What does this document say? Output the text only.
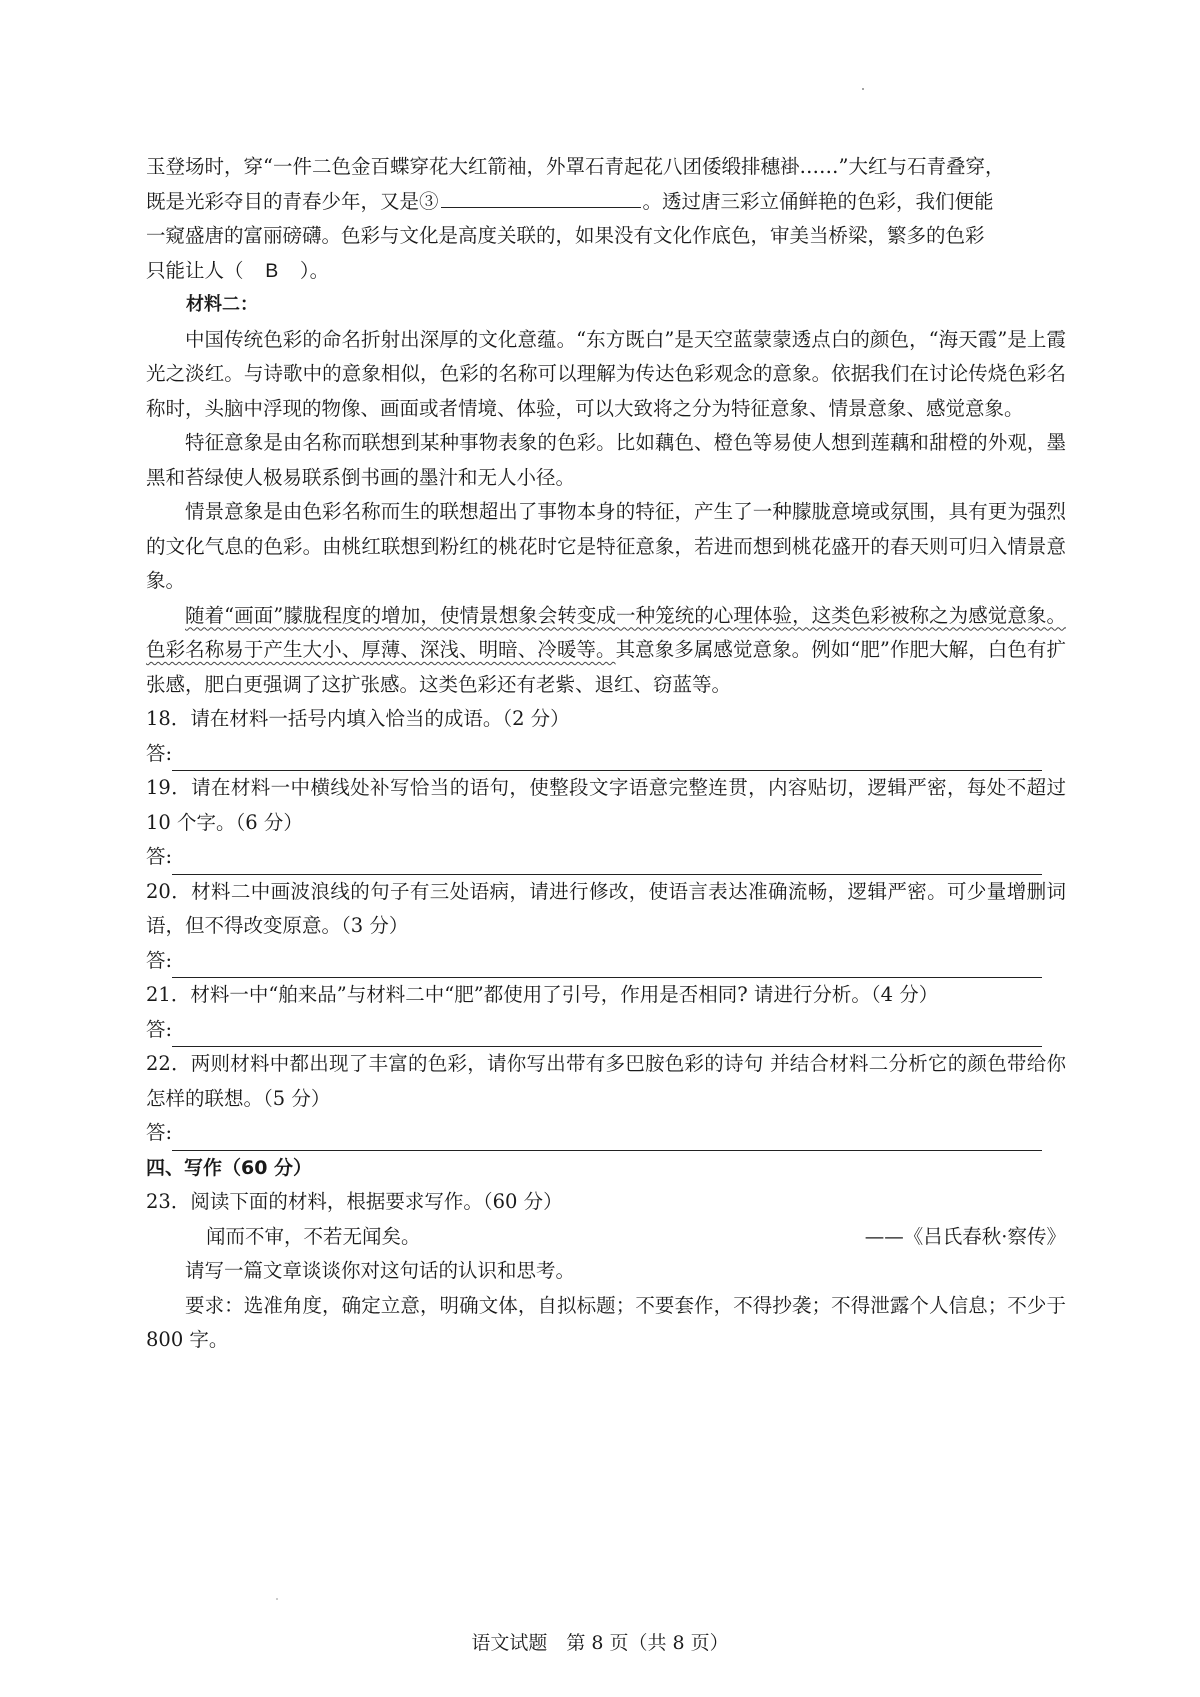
玉登场时，穿“一件二色金百蝶穿花大红箭袖，外罩石青起花八团倭缎排穗褂……”大红与石青叠穿，

既是光彩夺目的青春少年，又是③	。透过唐三彩立俑鲜艳的色彩，我们便能

一窥盛唐的富丽磅礴。色彩与文化是高度关联的，如果没有文化作底色，审美当桥梁，繁多的色彩

只能让人（ B ）。

材料二：

中国传统色彩的命名折射出深厚的文化意蕴。“东方既白”是天空蓝蒙蒙透点白的颜色，“海天霞”是上霞光之淡红。与诗歌中的意象相似，色彩的名称可以理解为传达色彩观念的意象。依据我们在讨论传烧色彩名称时，头脑中浮现的物像、画面或者情境、体验，可以大致将之分为特征意象、情景意象、感觉意象。

特征意象是由名称而联想到某种事物表象的色彩。比如藕色、橙色等易使人想到莲藕和甜橙的外观，墨黑和苔绿使人极易联系倒书画的墨汁和无人小径。

情景意象是由色彩名称而生的联想超出了事物本身的特征，产生了一种朦胧意境或氛围，具有更为强烈的文化气息的色彩。由桃红联想到粉红的桃花时它是特征意象，若进而想到桃花盛开的春天则可归入情景意象。

随着“画面”朦胧程度的增加，使情景想象会转变成一种笼统的心理体验，这类色彩被称之为感觉意象。色彩名称易于产生大小、厚薄、深浅、明暗、冷暖等。其意象多属感觉意象。例如“肥”作肥大解，白色有扩张感，肥白更强调了这扩张感。这类色彩还有老紫、退红、窃蓝等。

18．请在材料一括号内填入恰当的成语。（2 分）

答:

19．请在材料一中横线处补写恰当的语句，使整段文字语意完整连贯，内容贴切，逻辑严密，每处不超过 10 个字。（6 分）

答:

20．材料二中画波浪线的句子有三处语病，请进行修改，使语言表达准确流畅，逻辑严密。可少量增删词语，但不得改变原意。（3 分）

答:

21．材料一中“舶来品”与材料二中“肥”都使用了引号，作用是否相同? 请进行分析。（4 分）

答:

22．两则材料中都出现了丰富的色彩，请你写出带有多巴胺色彩的诗句 并结合材料二分析它的颜色带给你怎样的联想。（5 分）

答:

四、写作（60 分）

23．阅读下面的材料，根据要求写作。（60 分）

闻而不审，不若无闻矣。	——《吕氏春秋·察传》

请写一篇文章谈谈你对这句话的认识和思考。

要求：选准角度，确定立意，明确文体，自拟标题；不要套作，不得抄袭；不得泄露个人信息；不少于 800 字。

语文试题　第 8 页（共 8 页）
